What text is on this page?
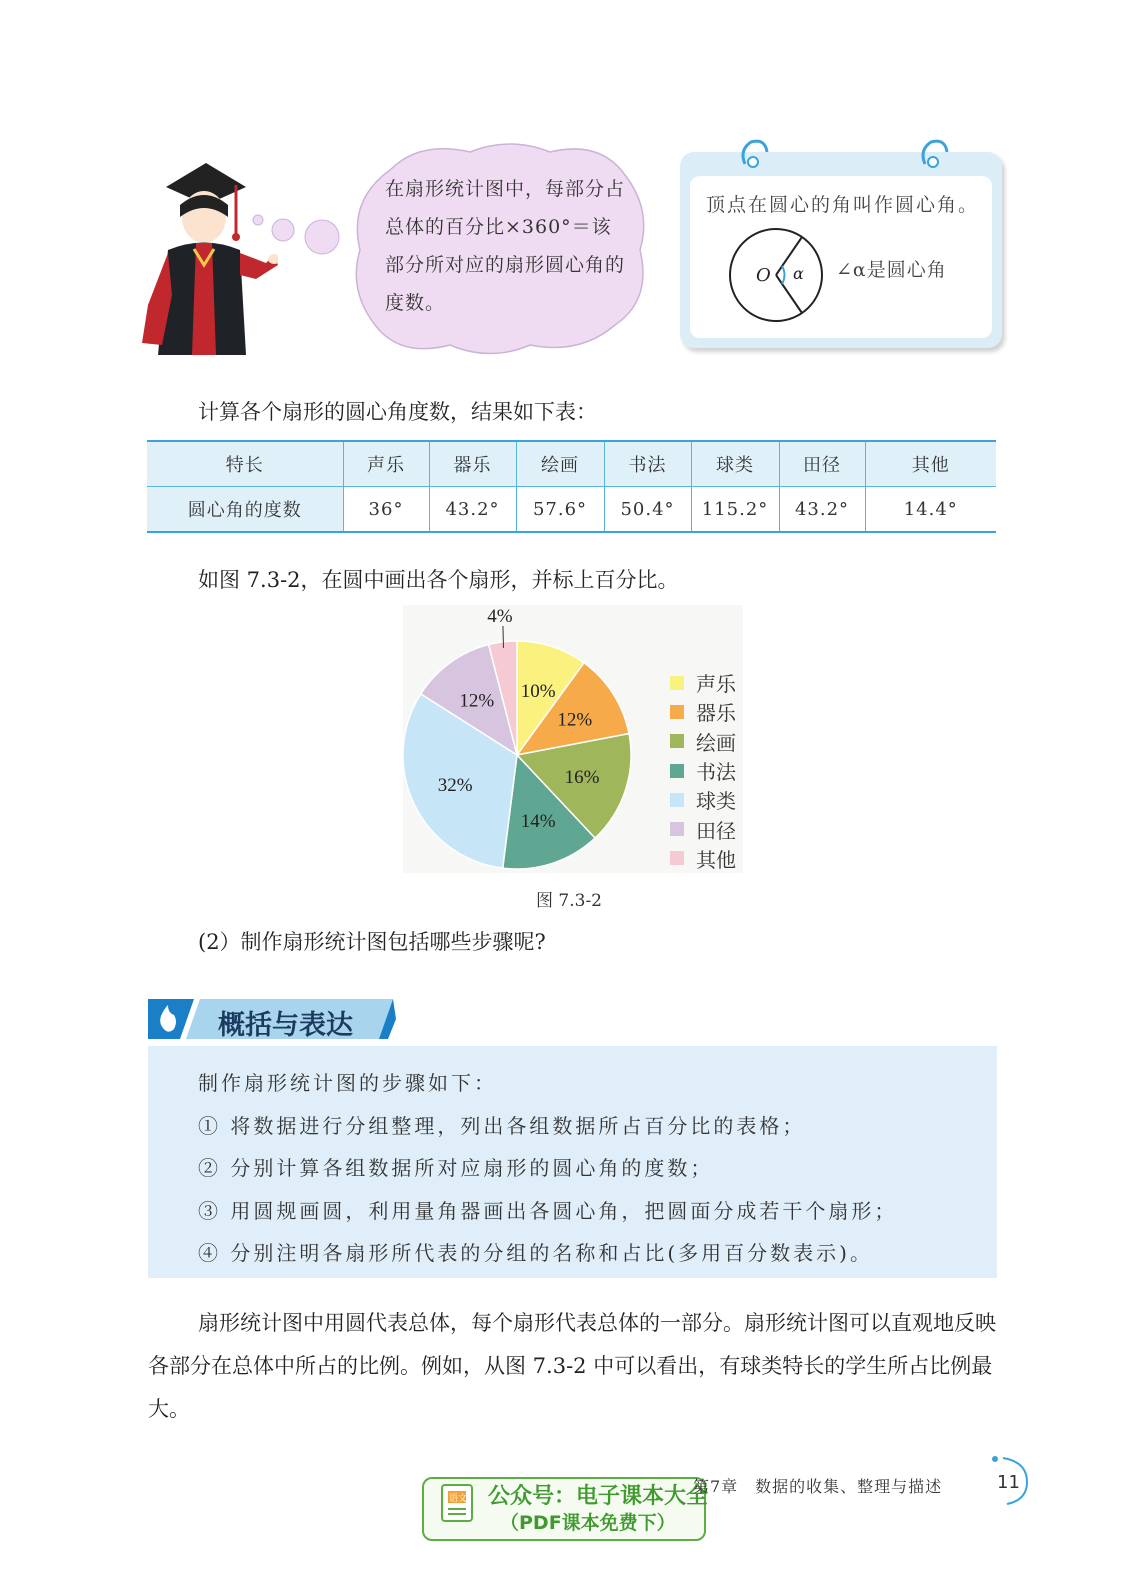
在扇形统计图中，每部分占总体的百分比×360°＝该部分所对应的扇形圆心角的度数。
顶点在圆心的角叫作圆心角。
O α ∠α是圆心角
计算各个扇形的圆心角度数，结果如下表：
特长	声乐	器乐	绘画	书法	球类	田径	其他
圆心角的度数	36°	43.2°	57.6°	50.4°	115.2°	43.2°	14.4°
如图 7.3-2，在圆中画出各个扇形，并标上百分比。
10%
12%
16%
14%
32%
12%
4%
声乐
器乐
绘画
书法
球类
田径
其他
图 7.3-2
(2）制作扇形统计图包括哪些步骤呢?
概括与表达
制作扇形统计图的步骤如下：
① 将数据进行分组整理，列出各组数据所占百分比的表格；
② 分别计算各组数据所对应扇形的圆心角的度数；
③ 用圆规画圆，利用量角器画出各圆心角，把圆面分成若干个扇形；
④ 分别注明各扇形所代表的分组的名称和占比(多用百分数表示)。
扇形统计图中用圆代表总体，每个扇形代表总体的一部分。扇形统计图可以直观地反映各部分在总体中所占的比例。例如，从图 7.3-2 中可以看出，有球类特长的学生所占比例最大。
语文 公众号：电子课本大全
（PDF课本免费下）
第7章　数据的收集、整理与描述	11
